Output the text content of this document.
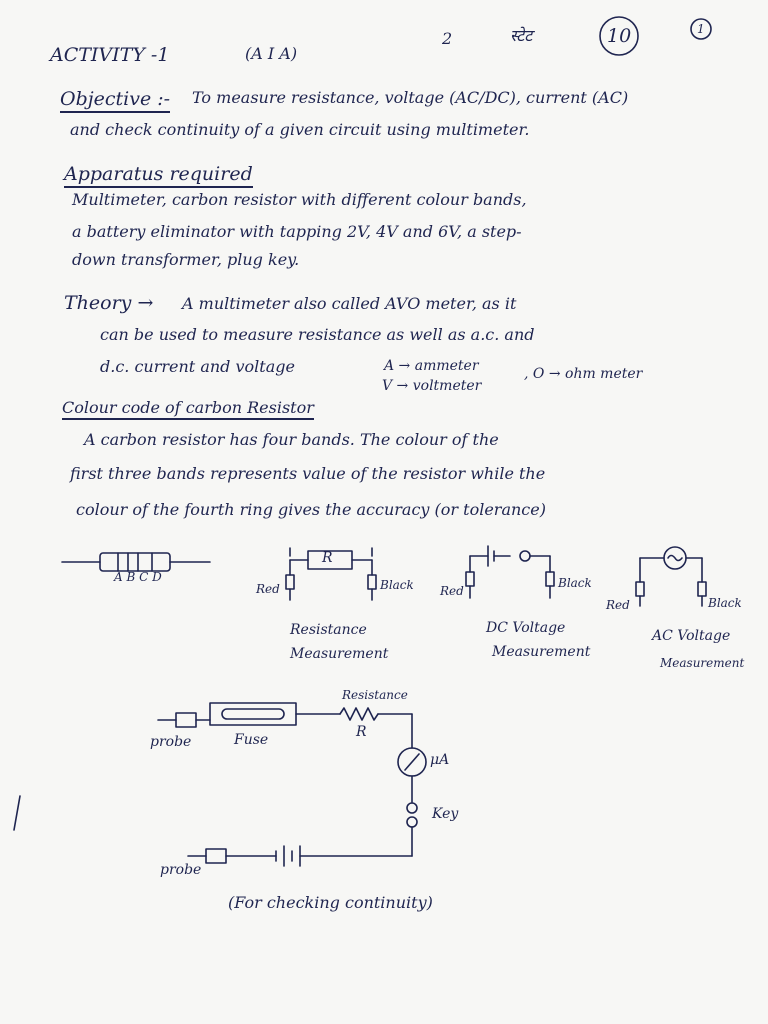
ACTIVITY -1	(A I A)
2	स्टेट	10	1
Objective :- To measure resistance, voltage (AC/DC), current (AC)
and check continuity of a given circuit using multimeter.
Apparatus required
Multimeter, carbon resistor with different colour bands,
a battery eliminator with tapping 2V, 4V and 6V, a step-
down transformer, plug key.
Theory → A multimeter also called AVO meter, as it
can be used to measure resistance as well as a.c. and
d.c. current and voltage	A → ammeter
V → voltmeter
, O → ohm meter
Colour code of carbon Resistor
A carbon resistor has four bands. The colour of the
first three bands represents value of the resistor while the
colour of the fourth ring gives the accuracy (or tolerance)
A B C D
R
Red	Black
Resistance
Measurement
Red
Black
DC Voltage
Measurement
Red	Black
AC Voltage
Measurement
Resistance
R
probe	Fuse
μA
Key
probe
(For checking continuity)
